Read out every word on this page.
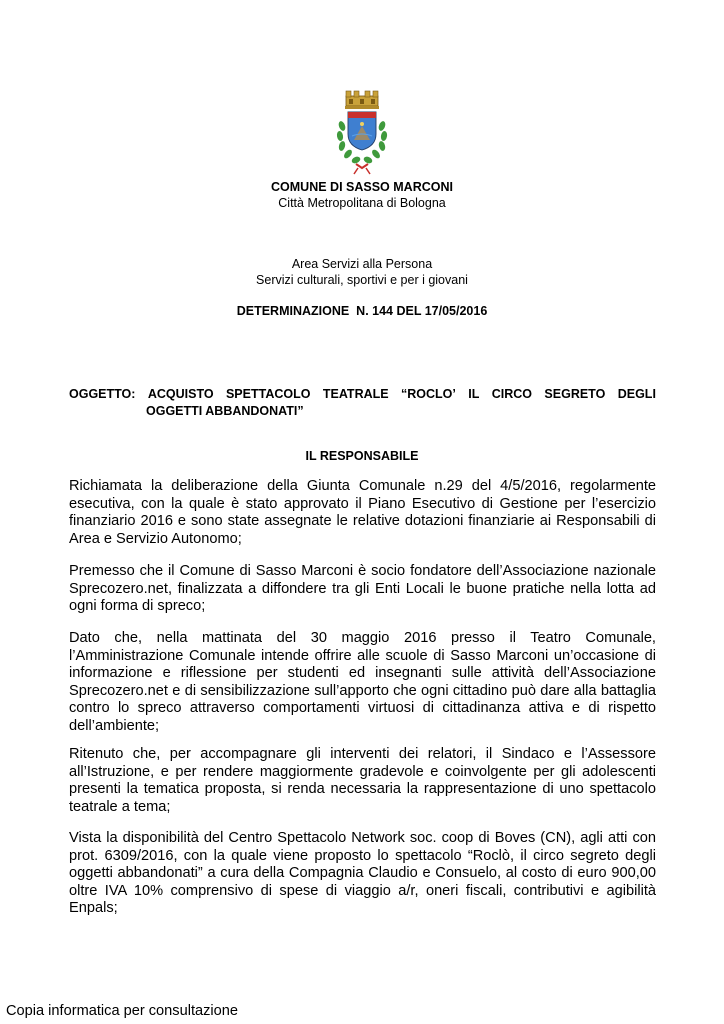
COMUNE DI SASSO MARCONI
Città Metropolitana di Bologna
Area Servizi alla Persona
Servizi culturali, sportivi e per i giovani
DETERMINAZIONE  N. 144 DEL 17/05/2016
OGGETTO: ACQUISTO SPETTACOLO TEATRALE “ROCLO’ IL CIRCO SEGRETO DEGLI
OGGETTI ABBANDONATI”
IL RESPONSABILE

Richiamata la deliberazione della Giunta Comunale n.29 del 4/5/2016, regolarmente esecutiva, con la quale è stato approvato il Piano Esecutivo di Gestione per l’esercizio finanziario 2016 e sono state assegnate le relative dotazioni finanziarie ai Responsabili di Area e Servizio Autonomo;

Premesso che il Comune di Sasso Marconi è socio fondatore dell’Associazione nazionale Sprecozero.net, finalizzata a diffondere tra gli Enti Locali le buone pratiche nella lotta ad ogni forma di spreco;

Dato che, nella mattinata del 30 maggio 2016 presso il Teatro Comunale, l’Amministrazione Comunale intende offrire alle scuole di Sasso Marconi un’occasione di informazione e riflessione per studenti ed insegnanti sulle attività dell’Associazione Sprecozero.net e di sensibilizzazione sull’apporto che ogni cittadino può dare alla battaglia contro lo spreco attraverso comportamenti virtuosi di cittadinanza attiva e di rispetto dell’ambiente;

Ritenuto che, per accompagnare gli interventi dei relatori, il Sindaco e l’Assessore all’Istruzione, e per rendere maggiormente gradevole e coinvolgente per gli adolescenti presenti la tematica proposta, si renda necessaria la rappresentazione di uno spettacolo teatrale a tema;

Vista la disponibilità del Centro Spettacolo Network soc. coop di Boves (CN), agli atti con prot. 6309/2016, con la quale viene proposto lo spettacolo “Roclò, il circo segreto degli oggetti abbandonati” a cura della Compagnia Claudio e Consuelo, al costo di euro 900,00 oltre IVA 10% comprensivo di spese di viaggio a/r, oneri fiscali, contributivi e agibilità Enpals;

Copia informatica per consultazione
